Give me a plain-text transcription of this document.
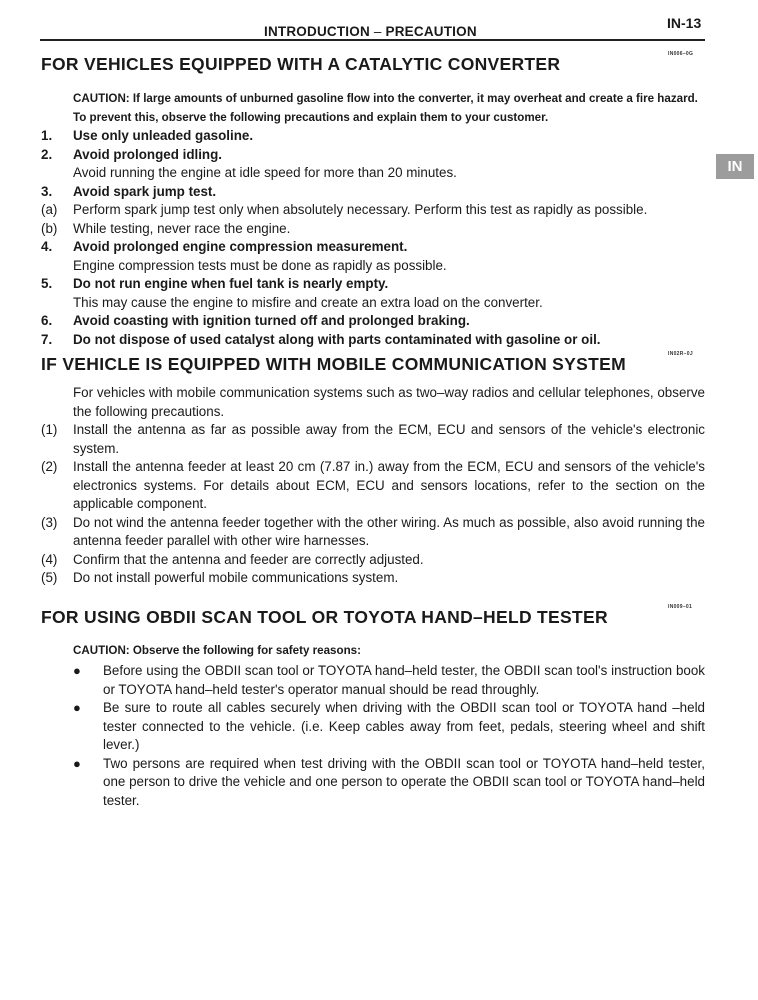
INTRODUCTION – PRECAUTION
IN-13
IN
FOR VEHICLES EQUIPPED WITH A CATALYTIC CONVERTER	IN006–0G
CAUTION: If large amounts of unburned gasoline flow into the converter, it may overheat and create a fire hazard. To prevent this, observe the following precautions and explain them to your customer.
1. Use only unleaded gasoline.
2. Avoid prolonged idling.
Avoid running the engine at idle speed for more than 20 minutes.
3. Avoid spark jump test.
(a) Perform spark jump test only when absolutely necessary. Perform this test as rapidly as possible.
(b) While testing, never race the engine.
4. Avoid prolonged engine compression measurement.
Engine compression tests must be done as rapidly as possible.
5. Do not run engine when fuel tank is nearly empty.
This may cause the engine to misfire and create an extra load on the converter.
6. Avoid coasting with ignition turned off and prolonged braking.
7. Do not dispose of used catalyst along with parts contaminated with gasoline or oil.
IF VEHICLE IS EQUIPPED WITH MOBILE COMMUNICATION SYSTEM	IN02R–0J
For vehicles with mobile communication systems such as two–way radios and cellular telephones, observe the following precautions.
(1) Install the antenna as far as possible away from the ECM, ECU and sensors of the vehicle's electronic system.
(2) Install the antenna feeder at least 20 cm (7.87 in.) away from the ECM, ECU and sensors of the vehicle's electronics systems. For details about ECM, ECU and sensors locations, refer to the section on the applicable component.
(3) Do not wind the antenna feeder together with the other wiring. As much as possible, also avoid running the antenna feeder parallel with other wire harnesses.
(4) Confirm that the antenna and feeder are correctly adjusted.
(5) Do not install powerful mobile communications system.
FOR USING OBDII SCAN TOOL OR TOYOTA HAND–HELD TESTER	IN009–01
CAUTION: Observe the following for safety reasons:
● Before using the OBDII scan tool or TOYOTA hand–held tester, the OBDII scan tool's instruction book or TOYOTA hand–held tester's operator manual should be read throughly.
● Be sure to route all cables securely when driving with the OBDII scan tool or TOYOTA hand –held tester connected to the vehicle. (i.e. Keep cables away from feet, pedals, steering wheel and shift lever.)
● Two persons are required when test driving with the OBDII scan tool or TOYOTA hand–held tester, one person to drive the vehicle and one person to operate the OBDII scan tool or TOYOTA hand–held tester.
